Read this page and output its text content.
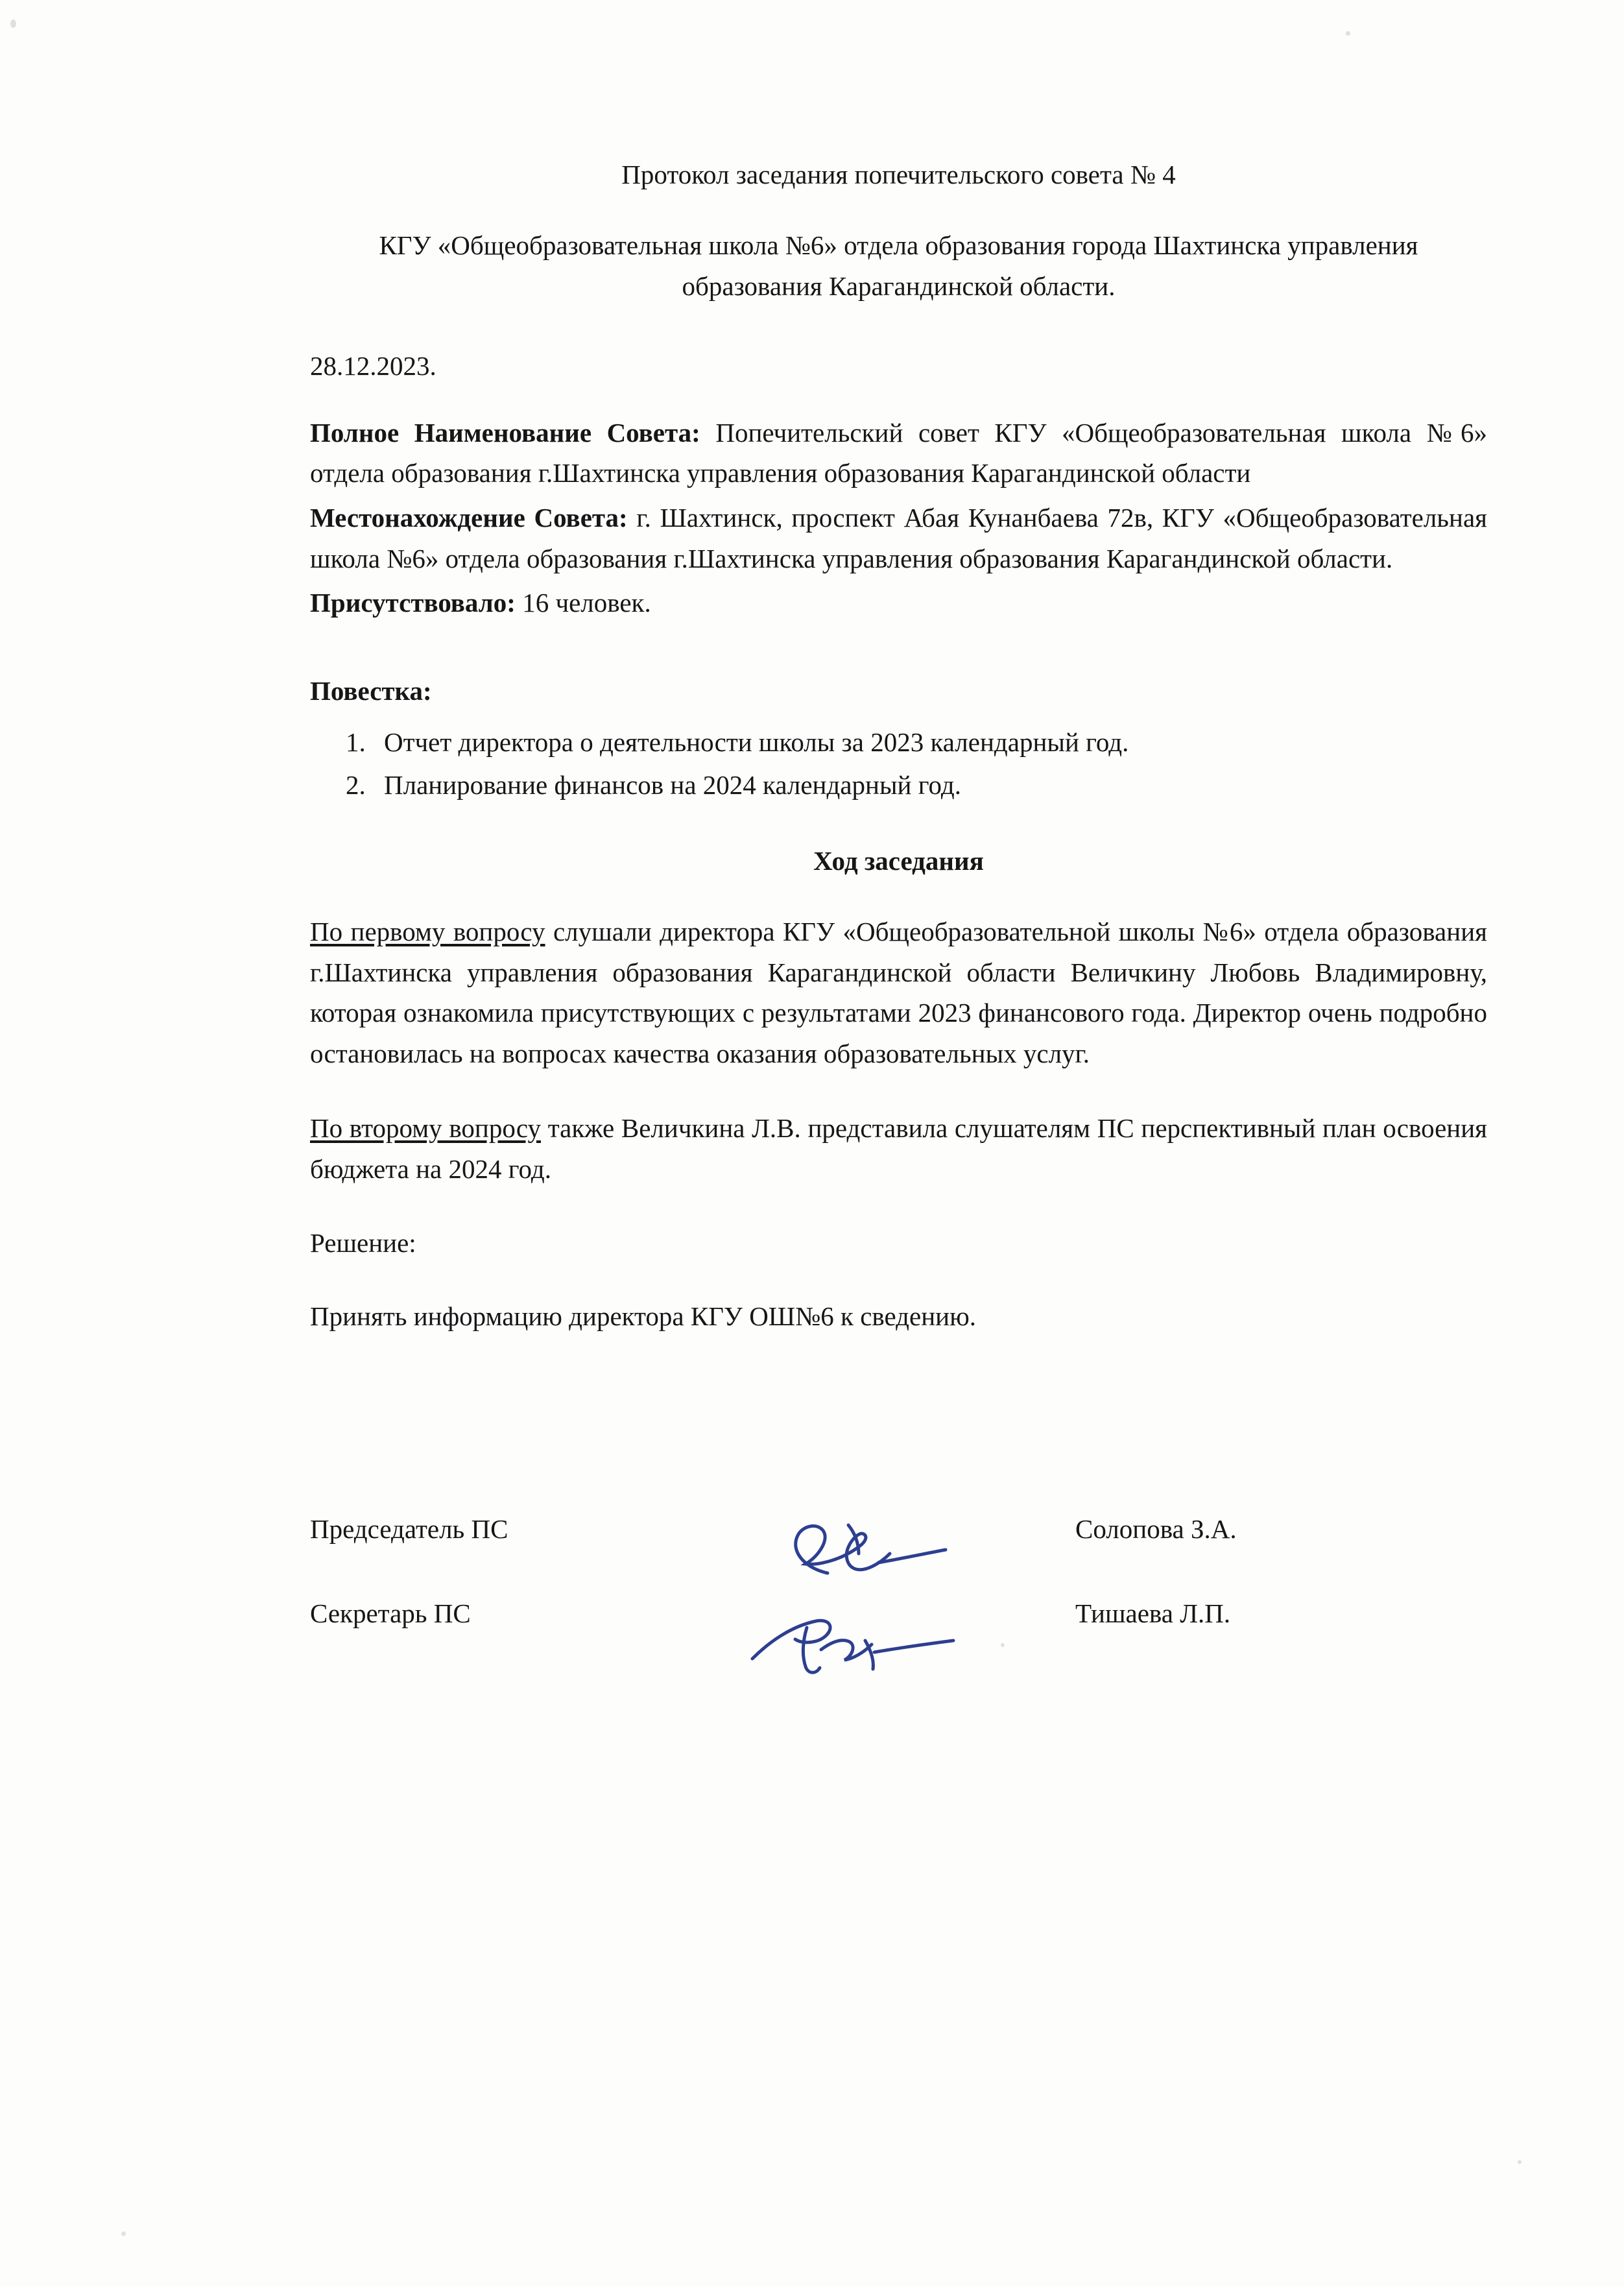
Протокол заседания попечительского совета № 4
КГУ «Общеобразовательная школа №6» отдела образования города Шахтинска управления образования Карагандинской области.
28.12.2023.

Полное Наименование Совета: Попечительский совет КГУ «Общеобразовательная школа №6» отдела образования г.Шахтинска управления образования Карагандинской области

Местонахождение Совета: г. Шахтинск, проспект Абая Кунанбаева 72в, КГУ «Общеобразовательная школа №6» отдела образования г.Шахтинска управления образования Карагандинской области.

Присутствовало: 16 человек.

Повестка:
1. Отчет директора о деятельности школы за 2023 календарный год.
2. Планирование финансов на 2024 календарный год.
Ход заседания

По первому вопросу слушали директора КГУ «Общеобразовательной школы №6» отдела образования г.Шахтинска управления образования Карагандинской области Величкину Любовь Владимировну, которая ознакомила присутствующих с результатами 2023 финансового года. Директор очень подробно остановилась на вопросах качества оказания образовательных услуг.

По второму вопросу также Величкина Л.В. представила слушателям ПС перспективный план освоения бюджета на 2024 год.

Решение:

Принять информацию директора КГУ ОШ№6 к сведению.

Председатель ПС	Солопова З.А.
Секретарь ПС	Тишаева Л.П.
